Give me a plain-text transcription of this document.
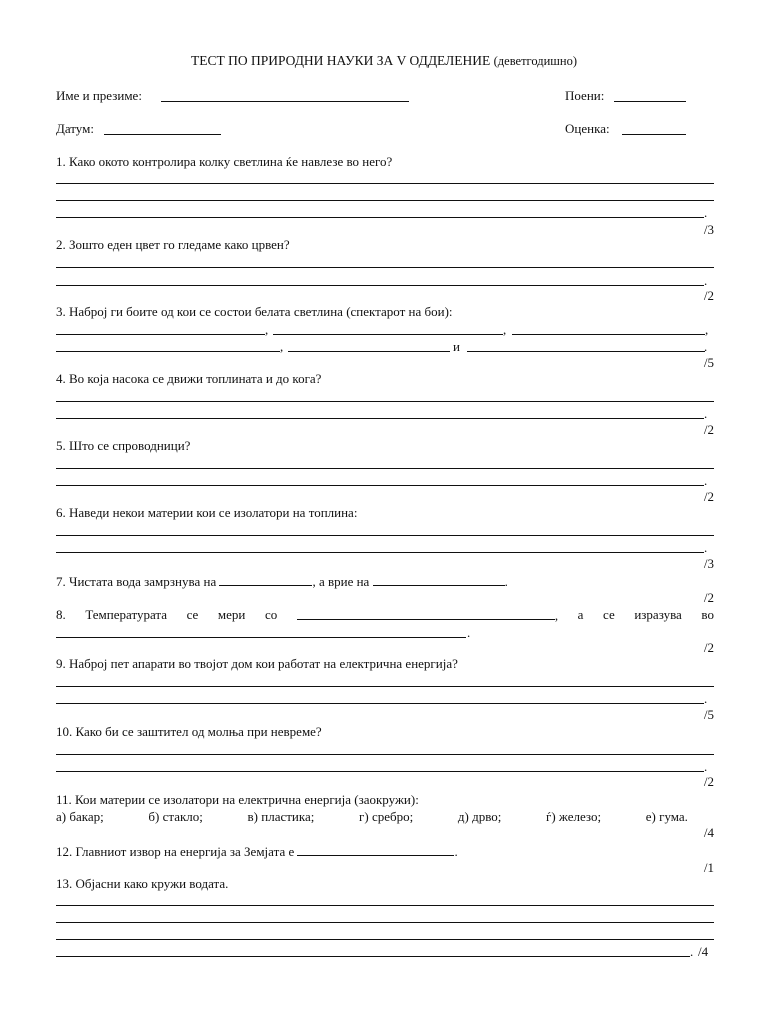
ТЕСТ ПО ПРИРОДНИ НАУКИ ЗА V ОДДЕЛЕНИЕ (деветгодишно)
Име и презиме:	Поени:
Датум:	Оценка:
1. Како окото контролира колку светлина ќе навлезе во него?
.
/3
2. Зошто еден цвет го гледаме како црвен?
.
/2
3. Наброј ги боите од кои се состои белата светлина (спектарот на бои):
,	,	,
,	и	.
/5
4. Во која насока се движи топлината и до кога?
.
/2
5. Што се спроводници?
.
/2
6. Наведи некои материи кои се изолатори на топлина:
.
/3
7. Чистата вода замрзнува на	, а врие на	.
/2
8. Температурата се мери со	, а се изразува во
.
/2
9. Наброј пет апарати во твојот дом кои работат на електрична енергија?
.
/5
10. Како би се заштител од молња при невреме?
.
/2
11. Кои материи се изолатори на електрична енергија (заокружи):
а) бакар;	б) стакло;	в) пластика;	г) сребро;	д) дрво;	ѓ) железо;	е) гума.
/4
12. Главниот извор на енергија за Земјата е	.
/1
13. Објасни како кружи водата.
. /4
